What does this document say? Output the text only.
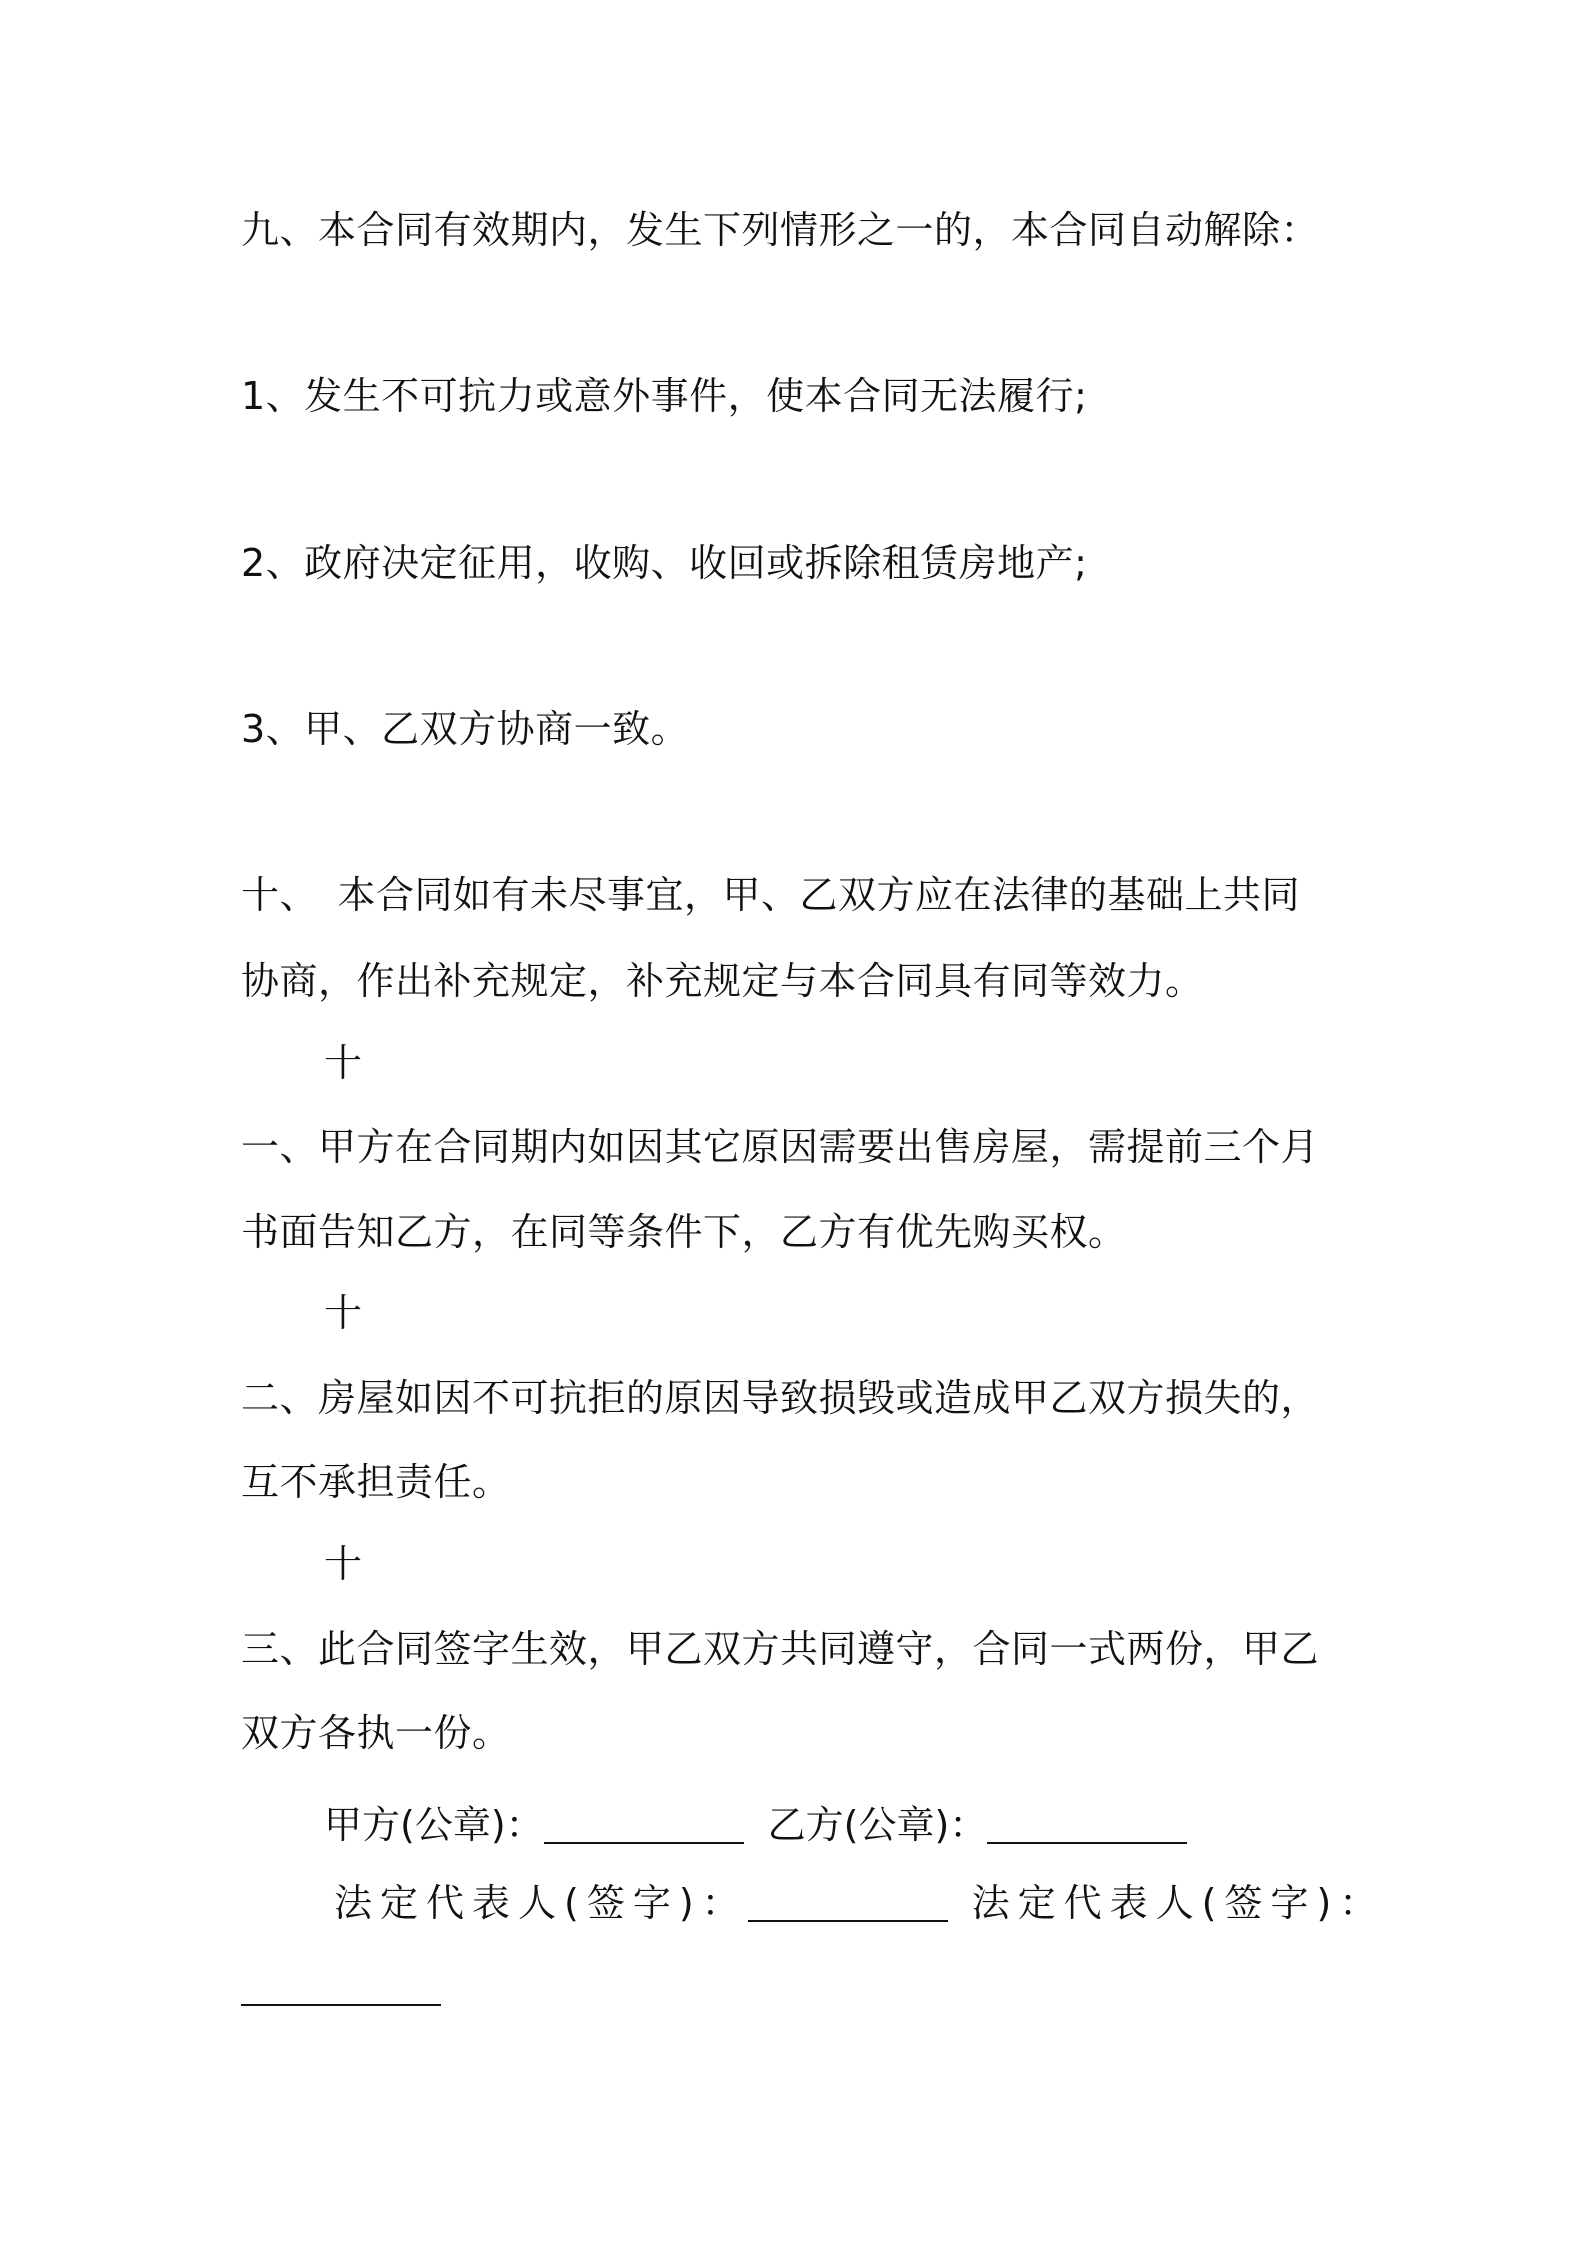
九、本合同有效期内，发生下列情形之一的，本合同自动解除：
1、发生不可抗力或意外事件，使本合同无法履行;
2、政府决定征用，收购、收回或拆除租赁房地产;
3、甲、乙双方协商一致。
十、　本合同如有未尽事宜，甲、乙双方应在法律的基础上共同
协商，作出补充规定，补充规定与本合同具有同等效力。
十
一、甲方在合同期内如因其它原因需要出售房屋，需提前三个月
书面告知乙方，在同等条件下，乙方有优先购买权。
十
二、房屋如因不可抗拒的原因导致损毁或造成甲乙双方损失的，
互不承担责任。
十
三、此合同签字生效，甲乙双方共同遵守，合同一式两份，甲乙
双方各执一份。
甲方(公章)：	乙方(公章)：
法定代表人(签字)：	法定代表人(签字)：
